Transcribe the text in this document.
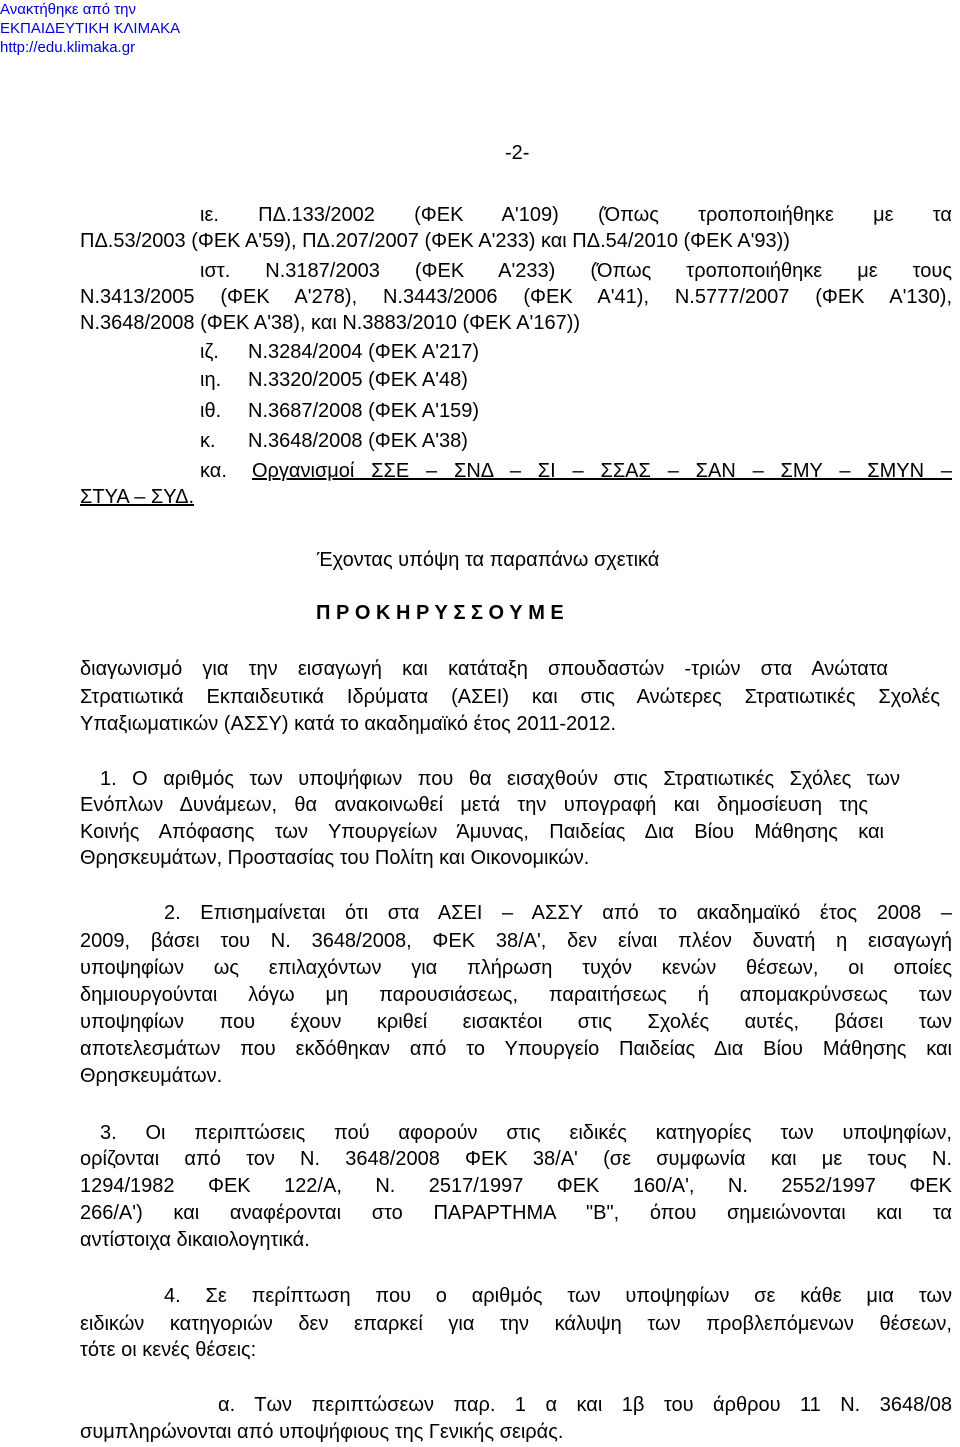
Ανακτήθηκε από την
ΕΚΠΑΙΔΕΥΤΙΚΗ ΚΛΙΜΑΚΑ
http://edu.klimaka.gr
-2-
ιε. ΠΔ.133/2002 (ΦΕΚ Α'109) (Όπως τροποποιήθηκε με τα
ΠΔ.53/2003 (ΦΕΚ Α'59), ΠΔ.207/2007 (ΦΕΚ Α'233) και ΠΔ.54/2010 (ΦΕΚ Α'93))
ιστ. Ν.3187/2003 (ΦΕΚ Α'233) (Όπως τροποποιήθηκε με τους
Ν.3413/2005 (ΦΕΚ Α'278), Ν.3443/2006 (ΦΕΚ Α'41), Ν.5777/2007 (ΦΕΚ Α'130),
Ν.3648/2008 (ΦΕΚ Α'38), και Ν.3883/2010 (ΦΕΚ Α'167))
ιζ. Ν.3284/2004 (ΦΕΚ Α'217)
ιη. Ν.3320/2005 (ΦΕΚ Α'48)
ιθ. Ν.3687/2008 (ΦΕΚ Α'159)
κ. Ν.3648/2008 (ΦΕΚ Α'38)
κα. Οργανισμοί ΣΣΕ – ΣΝΔ – ΣΙ – ΣΣΑΣ – ΣΑΝ – ΣΜΥ – ΣΜΥΝ –
ΣΤΥΑ – ΣΥΔ.
Έχοντας υπόψη τα παραπάνω σχετικά
Π Ρ Ο Κ Η Ρ Υ Σ Σ Ο Υ Μ Ε
διαγωνισμό για την εισαγωγή και κατάταξη σπουδαστών -τριών στα Ανώτατα
Στρατιωτικά Εκπαιδευτικά Ιδρύματα (ΑΣΕΙ) και στις Ανώτερες Στρατιωτικές Σχολές
Υπαξιωματικών (ΑΣΣΥ) κατά το ακαδημαϊκό έτος 2011-2012.
1. Ο αριθμός των υποψήφιων που θα εισαχθούν στις Στρατιωτικές Σχόλες των
Ενόπλων Δυνάμεων, θα ανακοινωθεί μετά την υπογραφή και δημοσίευση της
Κοινής Απόφασης των Υπουργείων Άμυνας, Παιδείας Δια Βίου Μάθησης και
Θρησκευμάτων, Προστασίας του Πολίτη και Οικονομικών.
2. Επισημαίνεται ότι στα ΑΣΕΙ – ΑΣΣΥ από το ακαδημαϊκό έτος 2008 –
2009, βάσει του Ν. 3648/2008, ΦΕΚ 38/Α', δεν είναι πλέον δυνατή η εισαγωγή
υποψηφίων ως επιλαχόντων για πλήρωση τυχόν κενών θέσεων, οι οποίες
δημιουργούνται λόγω μη παρουσιάσεως, παραιτήσεως ή απομακρύνσεως των
υποψηφίων που έχουν κριθεί εισακτέοι στις Σχολές αυτές, βάσει των
αποτελεσμάτων που εκδόθηκαν από το Υπουργείο Παιδείας Δια Βίου Μάθησης και
Θρησκευμάτων.
3. Οι περιπτώσεις πού αφορούν στις ειδικές κατηγορίες των υποψηφίων,
ορίζονται από τον Ν. 3648/2008 ΦΕΚ 38/Α' (σε συμφωνία και με τους Ν.
1294/1982 ΦΕΚ 122/Α, Ν. 2517/1997 ΦΕΚ 160/Α', Ν. 2552/1997 ΦΕΚ
266/Α') και αναφέρονται στο ΠΑΡΑΡΤΗΜΑ "Β", όπου σημειώνονται και τα
αντίστοιχα δικαιολογητικά.
4. Σε περίπτωση που ο αριθμός των υποψηφίων σε κάθε μια των
ειδικών κατηγοριών δεν επαρκεί για την κάλυψη των προβλεπόμενων θέσεων,
τότε οι κενές θέσεις:
α. Των περιπτώσεων παρ. 1 α και 1β του άρθρου 11 Ν. 3648/08
συμπληρώνονται από υποψήφιους της Γενικής σειράς.
